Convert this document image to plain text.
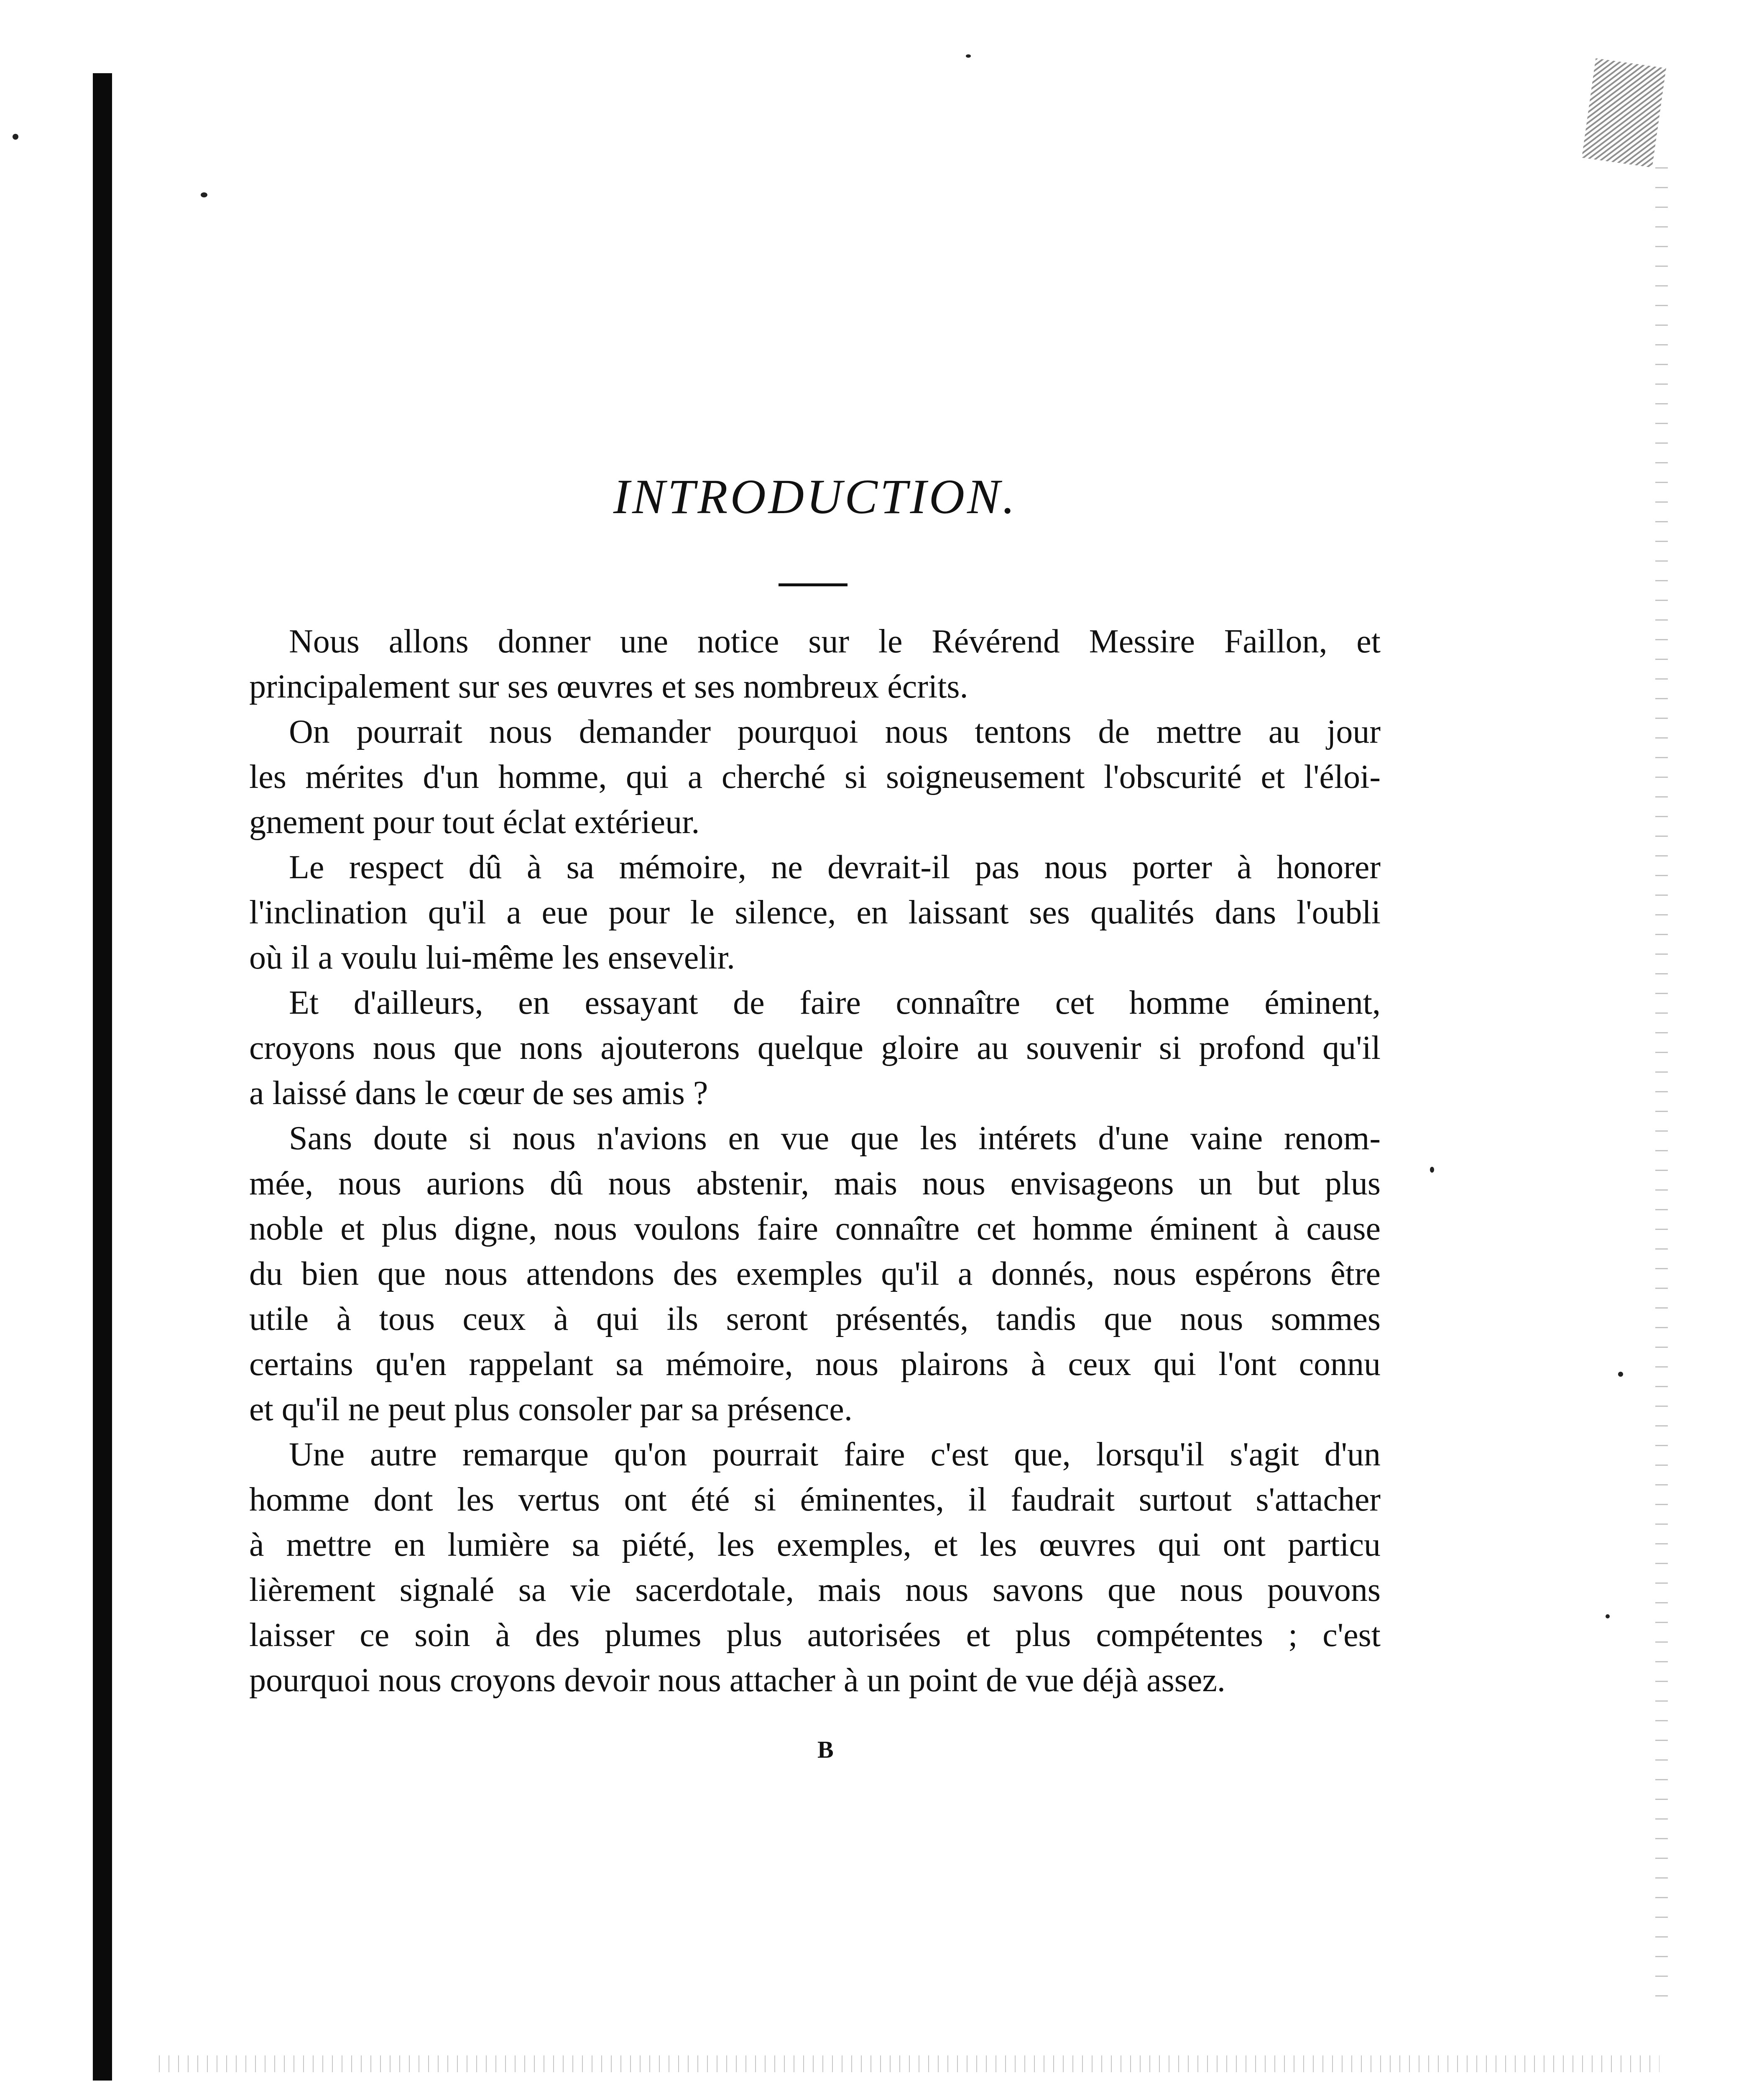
INTRODUCTION.
Nous allons donner une notice sur le Révérend Messire Faillon, et
principalement sur ses œuvres et ses nombreux écrits.
On pourrait nous demander pourquoi nous tentons de mettre au jour
les mérites d'un homme, qui a cherché si soigneusement l'obscurité et l'éloi-
gnement pour tout éclat extérieur.
Le respect dû à sa mémoire, ne devrait-il pas nous porter à honorer
l'inclination qu'il a eue pour le silence, en laissant ses qualités dans l'oubli
où il a voulu lui-même les ensevelir.
Et d'ailleurs, en essayant de faire connaître cet homme éminent,
croyons nous que nons ajouterons quelque gloire au souvenir si profond qu'il
a laissé dans le cœur de ses amis ?
Sans doute si nous n'avions en vue que les intérets d'une vaine renom-
mée, nous aurions dû nous abstenir, mais nous envisageons un but plus
noble et plus digne, nous voulons faire connaître cet homme éminent à cause
du bien que nous attendons des exemples qu'il a donnés, nous espérons être
utile à tous ceux à qui ils seront présentés, tandis que nous sommes
certains qu'en rappelant sa mémoire, nous plairons à ceux qui l'ont connu
et qu'il ne peut plus consoler par sa présence.
Une autre remarque qu'on pourrait faire c'est que, lorsqu'il s'agit d'un
homme dont les vertus ont été si éminentes, il faudrait surtout s'attacher
à mettre en lumière sa piété, les exemples, et les œuvres qui ont particu
lièrement signalé sa vie sacerdotale, mais nous savons que nous pouvons
laisser ce soin à des plumes plus autorisées et plus compétentes ; c'est
pourquoi nous croyons devoir nous attacher à un point de vue déjà assez.
B
